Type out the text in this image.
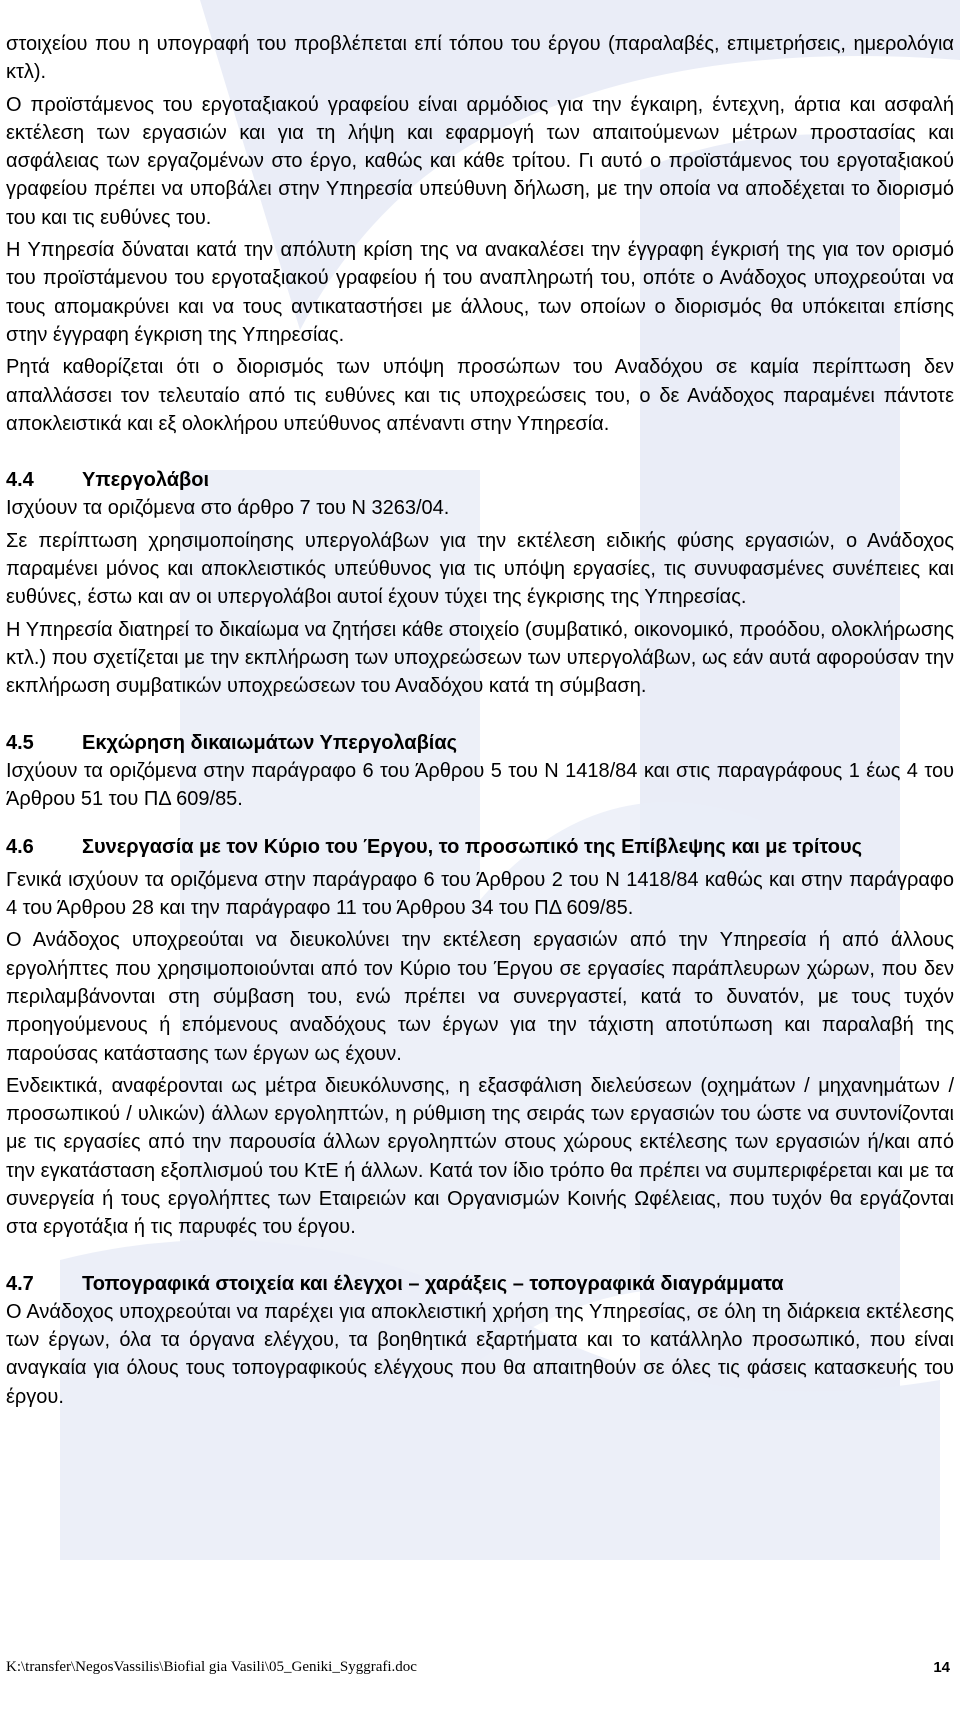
στοιχείου που η υπογραφή του προβλέπεται επί τόπου του έργου (παραλαβές, επιμετρήσεις, ημερολόγια κτλ).

Ο προϊστάμενος του εργοταξιακού γραφείου είναι αρμόδιος για την έγκαιρη, έντεχνη, άρτια και ασφαλή εκτέλεση των εργασιών και για τη λήψη και εφαρμογή των απαιτούμενων μέτρων προστασίας και ασφάλειας των εργαζομένων στο έργο, καθώς και κάθε τρίτου. Γι αυτό ο προϊστάμενος του εργοταξιακού γραφείου πρέπει να υποβάλει στην Υπηρεσία υπεύθυνη δήλωση, με την οποία να αποδέχεται το διορισμό του και τις ευθύνες του.

Η Υπηρεσία δύναται κατά την απόλυτη κρίση της να ανακαλέσει την έγγραφη έγκρισή της για τον ορισμό του προϊστάμενου του εργοταξιακού γραφείου ή του αναπληρωτή του, οπότε ο Ανάδοχος υποχρεούται να τους απομακρύνει και να τους αντικαταστήσει με άλλους, των οποίων ο διορισμός θα υπόκειται επίσης στην έγγραφη έγκριση της Υπηρεσίας.

Ρητά καθορίζεται ότι ο διορισμός των υπόψη προσώπων του Αναδόχου σε καμία περίπτωση δεν απαλλάσσει τον τελευταίο από τις ευθύνες και τις υποχρεώσεις του, ο δε Ανάδοχος παραμένει πάντοτε αποκλειστικά και εξ ολοκλήρου υπεύθυνος απέναντι στην Υπηρεσία.

4.4	Υπεργολάβοι

Ισχύουν τα οριζόμενα στο άρθρο 7 του Ν 3263/04.

Σε περίπτωση χρησιμοποίησης υπεργολάβων για την εκτέλεση ειδικής φύσης εργασιών, ο Ανάδοχος παραμένει μόνος και αποκλειστικός υπεύθυνος για τις υπόψη εργασίες, τις συνυφασμένες συνέπειες και ευθύνες, έστω και αν οι υπεργολάβοι αυτοί έχουν τύχει της έγκρισης της Υπηρεσίας.

Η Υπηρεσία διατηρεί το δικαίωμα να ζητήσει κάθε στοιχείο (συμβατικό, οικονομικό, προόδου, ολοκλήρωσης κτλ.) που σχετίζεται με την εκπλήρωση των υποχρεώσεων των υπεργολάβων, ως εάν αυτά αφορούσαν την εκπλήρωση συμβατικών υποχρεώσεων του Αναδόχου κατά τη σύμβαση.

4.5	Εκχώρηση δικαιωμάτων Υπεργολαβίας

Ισχύουν τα οριζόμενα στην παράγραφο 6 του Άρθρου 5 του Ν 1418/84 και στις παραγράφους 1 έως 4 του Άρθρου 51 του ΠΔ 609/85.

4.6	Συνεργασία με τον Κύριο του Έργου, το προσωπικό της Επίβλεψης και με τρίτους

Γενικά ισχύουν τα οριζόμενα στην παράγραφο 6 του Άρθρου 2 του Ν 1418/84 καθώς και στην παράγραφο 4 του Άρθρου 28 και την παράγραφο 11 του Άρθρου 34 του ΠΔ 609/85.

Ο Ανάδοχος υποχρεούται να διευκολύνει την εκτέλεση εργασιών από την Υπηρεσία ή από άλλους εργολήπτες που χρησιμοποιούνται από τον Κύριο του Έργου σε εργασίες παράπλευρων χώρων, που δεν περιλαμβάνονται στη σύμβαση του, ενώ πρέπει να συνεργαστεί, κατά το δυνατόν, με τους τυχόν προηγούμενους ή επόμενους αναδόχους των έργων για την τάχιστη αποτύπωση και παραλαβή της παρούσας κατάστασης των έργων ως έχουν.

Ενδεικτικά, αναφέρονται ως μέτρα διευκόλυνσης, η εξασφάλιση διελεύσεων (οχημάτων / μηχανημάτων / προσωπικού / υλικών) άλλων εργοληπτών, η ρύθμιση της σειράς των εργασιών του ώστε να συντονίζονται με τις εργασίες από την παρουσία άλλων εργοληπτών στους χώρους εκτέλεσης των εργασιών ή/και από την εγκατάσταση εξοπλισμού του ΚτΕ ή άλλων. Κατά τον ίδιο τρόπο θα πρέπει να συμπεριφέρεται και με τα συνεργεία ή τους εργολήπτες των Εταιρειών και Οργανισμών Κοινής Ωφέλειας, που τυχόν θα εργάζονται στα εργοτάξια ή τις παρυφές του έργου.

4.7	Τοπογραφικά στοιχεία και έλεγχοι – χαράξεις – τοπογραφικά διαγράμματα

Ο Ανάδοχος υποχρεούται να παρέχει για αποκλειστική χρήση της Υπηρεσίας, σε όλη τη διάρκεια εκτέλεσης των έργων, όλα τα όργανα ελέγχου, τα βοηθητικά εξαρτήματα και το κατάλληλο προσωπικό, που είναι αναγκαία για όλους τους τοπογραφικούς ελέγχους που θα απαιτηθούν σε όλες τις φάσεις κατασκευής του έργου.

K:\transfer\NegosVassilis\Biofial gia Vasili\05_Geniki_Syggrafi.doc	14
